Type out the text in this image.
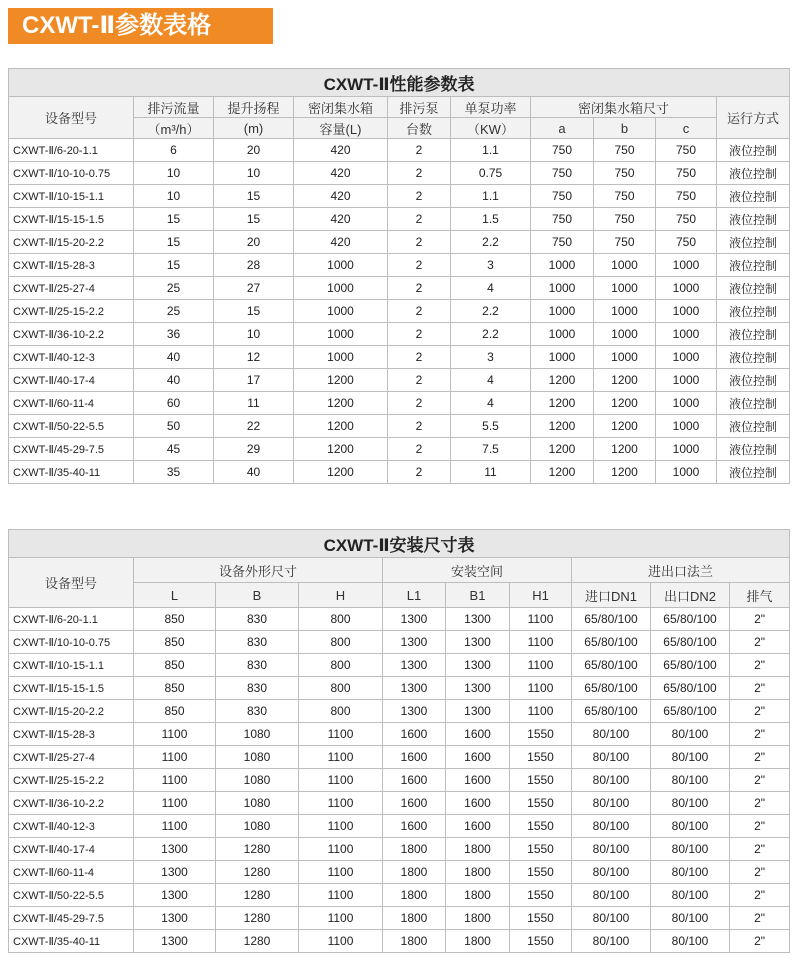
CXWT-Ⅱ参数表格
CXWT-Ⅱ性能参数表									
设备型号	排污流量	提升扬程	密闭集水箱	排污泵	单泵功率	密闭集水箱尺寸			运行方式
	（m³/h）	(m)	容量(L)	台数	（KW）	a	b	c	
CXWT-Ⅱ/6-20-1.1	6	20	420	2	1.1	750	750	750	液位控制
CXWT-Ⅱ/10-10-0.75	10	10	420	2	0.75	750	750	750	液位控制
CXWT-Ⅱ/10-15-1.1	10	15	420	2	1.1	750	750	750	液位控制
CXWT-Ⅱ/15-15-1.5	15	15	420	2	1.5	750	750	750	液位控制
CXWT-Ⅱ/15-20-2.2	15	20	420	2	2.2	750	750	750	液位控制
CXWT-Ⅱ/15-28-3	15	28	1000	2	3	1000	1000	1000	液位控制
CXWT-Ⅱ/25-27-4	25	27	1000	2	4	1000	1000	1000	液位控制
CXWT-Ⅱ/25-15-2.2	25	15	1000	2	2.2	1000	1000	1000	液位控制
CXWT-Ⅱ/36-10-2.2	36	10	1000	2	2.2	1000	1000	1000	液位控制
CXWT-Ⅱ/40-12-3	40	12	1000	2	3	1000	1000	1000	液位控制
CXWT-Ⅱ/40-17-4	40	17	1200	2	4	1200	1200	1000	液位控制
CXWT-Ⅱ/60-11-4	60	11	1200	2	4	1200	1200	1000	液位控制
CXWT-Ⅱ/50-22-5.5	50	22	1200	2	5.5	1200	1200	1000	液位控制
CXWT-Ⅱ/45-29-7.5	45	29	1200	2	7.5	1200	1200	1000	液位控制
CXWT-Ⅱ/35-40-11	35	40	1200	2	11	1200	1200	1000	液位控制
CXWT-Ⅱ安装尺寸表									
设备型号	设备外形尺寸			安装空间			进出口法兰		
	L	B	H	L1	B1	H1	进口DN1	出口DN2	排气
CXWT-Ⅱ/6-20-1.1	850	830	800	1300	1300	1100	65/80/100	65/80/100	2"
CXWT-Ⅱ/10-10-0.75	850	830	800	1300	1300	1100	65/80/100	65/80/100	2"
CXWT-Ⅱ/10-15-1.1	850	830	800	1300	1300	1100	65/80/100	65/80/100	2"
CXWT-Ⅱ/15-15-1.5	850	830	800	1300	1300	1100	65/80/100	65/80/100	2"
CXWT-Ⅱ/15-20-2.2	850	830	800	1300	1300	1100	65/80/100	65/80/100	2"
CXWT-Ⅱ/15-28-3	1100	1080	1100	1600	1600	1550	80/100	80/100	2"
CXWT-Ⅱ/25-27-4	1100	1080	1100	1600	1600	1550	80/100	80/100	2"
CXWT-Ⅱ/25-15-2.2	1100	1080	1100	1600	1600	1550	80/100	80/100	2"
CXWT-Ⅱ/36-10-2.2	1100	1080	1100	1600	1600	1550	80/100	80/100	2"
CXWT-Ⅱ/40-12-3	1100	1080	1100	1600	1600	1550	80/100	80/100	2"
CXWT-Ⅱ/40-17-4	1300	1280	1100	1800	1800	1550	80/100	80/100	2"
CXWT-Ⅱ/60-11-4	1300	1280	1100	1800	1800	1550	80/100	80/100	2"
CXWT-Ⅱ/50-22-5.5	1300	1280	1100	1800	1800	1550	80/100	80/100	2"
CXWT-Ⅱ/45-29-7.5	1300	1280	1100	1800	1800	1550	80/100	80/100	2"
CXWT-Ⅱ/35-40-11	1300	1280	1100	1800	1800	1550	80/100	80/100	2"
